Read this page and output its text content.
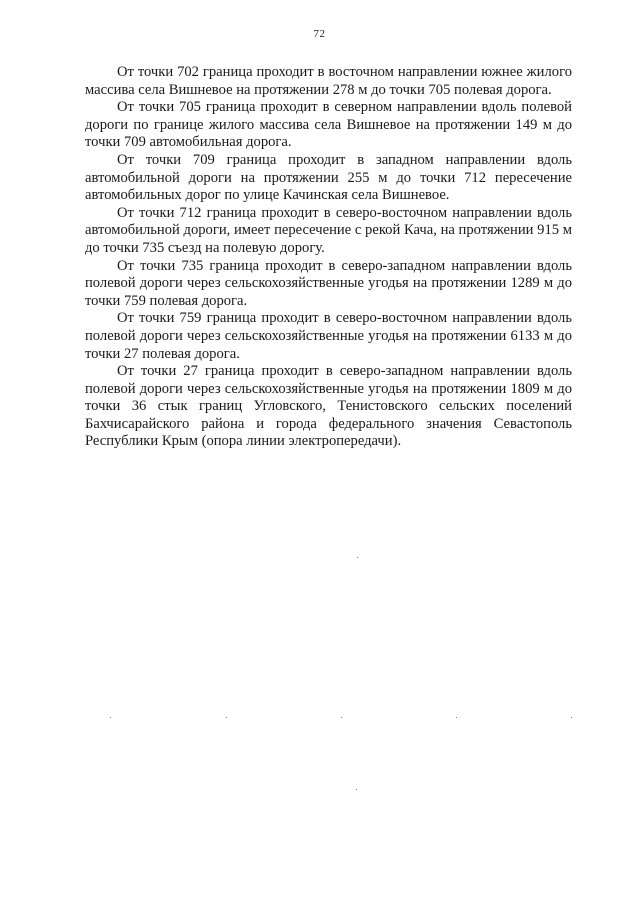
72

От точки 702 граница проходит в восточном направлении южнее жилого массива села Вишневое на протяжении 278 м до точки 705 полевая дорога.

От точки 705 граница проходит в северном направлении вдоль полевой дороги по границе жилого массива села Вишневое на протяжении 149 м до точки 709 автомобильная дорога.

От точки 709 граница проходит в западном направлении вдоль автомобильной дороги на протяжении 255 м до точки 712 пересечение автомобильных дорог по улице Качинская села Вишневое.

От точки 712 граница проходит в северо-восточном направлении вдоль автомобильной дороги, имеет пересечение с рекой Кача, на протяжении 915 м до точки 735 съезд на полевую дорогу.

От точки 735 граница проходит в северо-западном направлении вдоль полевой дороги через сельскохозяйственные угодья на протяжении 1289 м до точки 759 полевая дорога.

От точки 759 граница проходит в северо-восточном направлении вдоль полевой дороги через сельскохозяйственные угодья на протяжении 6133 м до точки 27 полевая дорога.

От точки 27 граница проходит в северо-западном направлении вдоль полевой дороги через сельскохозяйственные угодья на протяжении 1809 м до точки 36 стык границ Угловского, Тенистовского сельских поселений Бахчисарайского района и города федерального значения Севастополь Республики Крым (опора линии электропередачи).
